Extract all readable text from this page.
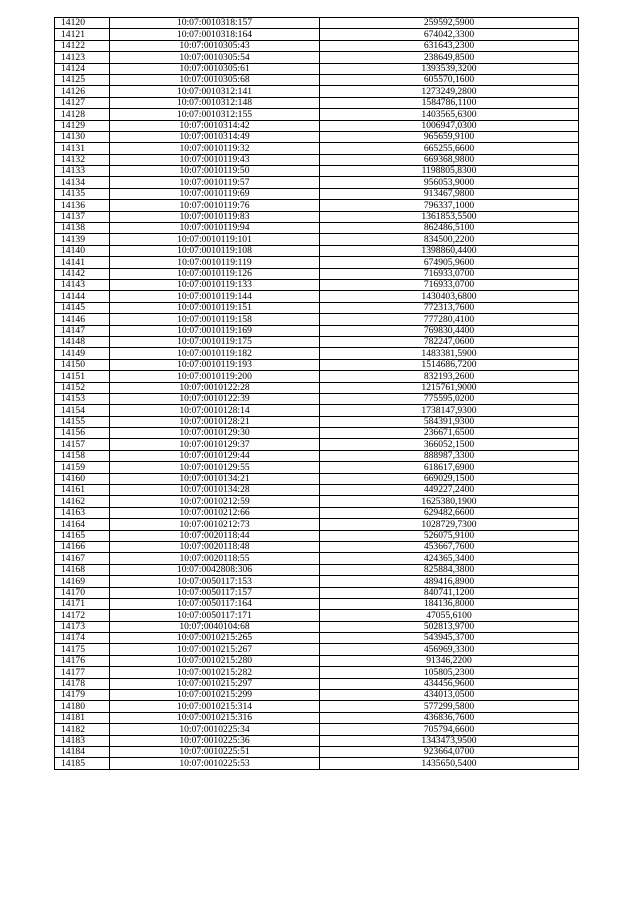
14120	10:07:0010318:157	259592,5900
14121	10:07:0010318:164	674042,3300
14122	10:07:0010305:43	631643,2300
14123	10:07:0010305:54	238649,8500
14124	10:07:0010305:61	1393539,3200
14125	10:07:0010305:68	605570,1600
14126	10:07:0010312:141	1273249,2800
14127	10:07:0010312:148	1584786,1100
14128	10:07:0010312:155	1403565,6300
14129	10:07:0010314:42	1006947,0300
14130	10:07:0010314:49	965659,9100
14131	10:07:0010119:32	665255,6600
14132	10:07:0010119:43	669368,9800
14133	10:07:0010119:50	1198805,8300
14134	10:07:0010119:57	956053,9000
14135	10:07:0010119:69	913467,9800
14136	10:07:0010119:76	796337,1000
14137	10:07:0010119:83	1361853,5500
14138	10:07:0010119:94	862486,5100
14139	10:07:0010119:101	834500,2200
14140	10:07:0010119:108	1398860,4400
14141	10:07:0010119:119	674905,9600
14142	10:07:0010119:126	716933,0700
14143	10:07:0010119:133	716933,0700
14144	10:07:0010119:144	1430403,6800
14145	10:07:0010119:151	772313,7600
14146	10:07:0010119:158	777280,4100
14147	10:07:0010119:169	769830,4400
14148	10:07:0010119:175	782247,0600
14149	10:07:0010119:182	1483381,5900
14150	10:07:0010119:193	1514686,7200
14151	10:07:0010119:200	832193,2600
14152	10:07:0010122:28	1215761,9000
14153	10:07:0010122:39	775595,0200
14154	10:07:0010128:14	1738147,9300
14155	10:07:0010128:21	584391,9300
14156	10:07:0010129:30	236671,6500
14157	10:07:0010129:37	366052,1500
14158	10:07:0010129:44	888987,3300
14159	10:07:0010129:55	618617,6900
14160	10:07:0010134:21	669029,1500
14161	10:07:0010134:28	449227,2400
14162	10:07:0010212:59	1625380,1900
14163	10:07:0010212:66	629482,6600
14164	10:07:0010212:73	1028729,7300
14165	10:07:0020118:44	526075,9100
14166	10:07:0020118:48	453667,7600
14167	10:07:0020118:55	424365,3400
14168	10:07:0042808:306	825884,3800
14169	10:07:0050117:153	489416,8900
14170	10:07:0050117:157	840741,1200
14171	10:07:0050117:164	184136,8000
14172	10:07:0050117:171	47055,6100
14173	10:07:0040104:68	502813,9700
14174	10:07:0010215:265	543945,3700
14175	10:07:0010215:267	456969,3300
14176	10:07:0010215:280	91346,2200
14177	10:07:0010215:282	105805,2300
14178	10:07:0010215:297	434456,9600
14179	10:07:0010215:299	434013,0500
14180	10:07:0010215:314	577299,5800
14181	10:07:0010215:316	436836,7600
14182	10:07:0010225:34	705794,6600
14183	10:07:0010225:36	1343473,9500
14184	10:07:0010225:51	923664,0700
14185	10:07:0010225:53	1435650,5400
